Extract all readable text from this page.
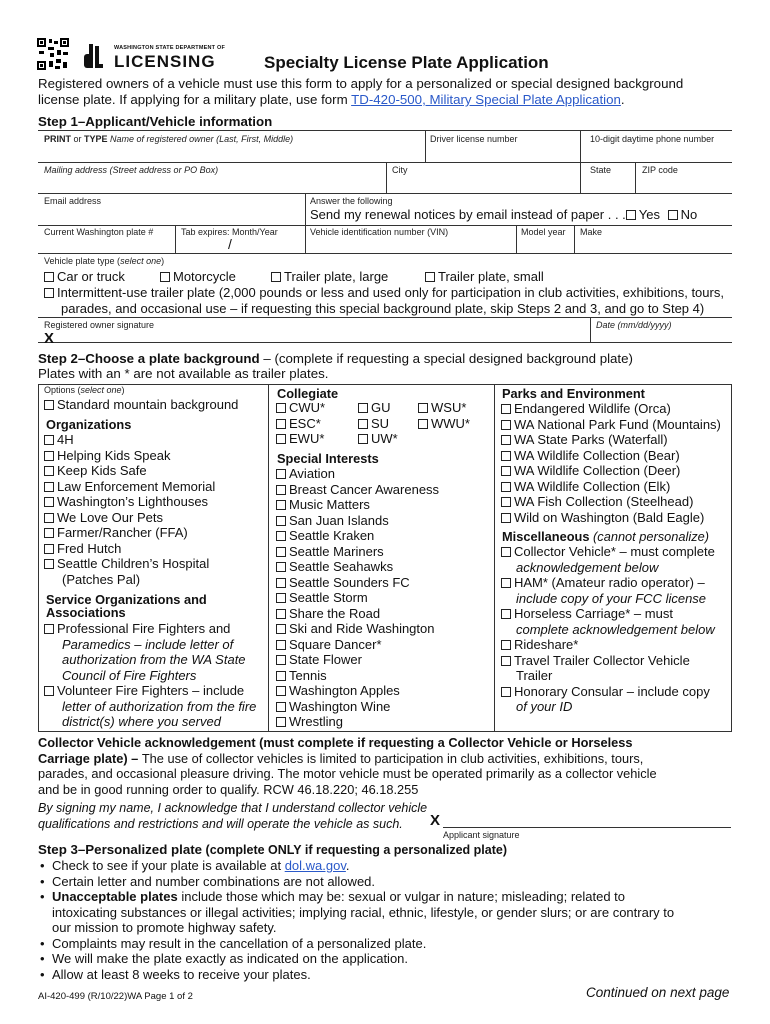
WASHINGTON STATE DEPARTMENT OF
LICENSING	Specialty License Plate Application
Registered owners of a vehicle must use this form to apply for a personalized or special designed background
license plate. If applying for a military plate, use form TD-420-500, Military Special Plate Application.
Step 1–Applicant/Vehicle information
PRINT or TYPE Name of registered owner (Last, First, Middle)	Driver license number	10-digit daytime phone number
Mailing address (Street address or PO Box)	City	State	ZIP code
Email address	Answer the following
Send my renewal notices by email instead of paper . . . Yes No
Current Washington plate #	Tab expires: Month/Year
/
Vehicle identification number (VIN)	Model year Make
Vehicle plate type (select one)
Car or truck	Motorcycle	Trailer plate, large	Trailer plate, small
Intermittent-use trailer plate (2,000 pounds or less and used only for participation in club activities, exhibitions, tours,
parades, and occasional use – if requesting this special background plate, skip Steps 2 and 3, and go to Step 4)
Registered owner signature
X
Date (mm/dd/yyyy)
Step 2–Choose a plate background – (complete if requesting a special designed background plate)
Plates with an * are not available as trailer plates.
Options (select one)
Standard mountain background
Organizations
4H
Helping Kids Speak
Keep Kids Safe
Law Enforcement Memorial
Washington’s Lighthouses
We Love Our Pets
Farmer/Rancher (FFA)
Fred Hutch
Seattle Children’s Hospital
(Patches Pal)
Service Organizations and
Associations
Professional Fire Fighters and
Paramedics – include letter of
authorization from the WA State
Council of Fire Fighters
Volunteer Fire Fighters – include
letter of authorization from the fire
district(s) where you served
Collegiate
CWU*	GU	WSU*
ESC*	SU	WWU*
EWU*	UW*
Special Interests
Aviation
Breast Cancer Awareness
Music Matters
San Juan Islands
Seattle Kraken
Seattle Mariners
Seattle Seahawks
Seattle Sounders FC
Seattle Storm
Share the Road
Ski and Ride Washington
Square Dancer*
State Flower
Tennis
Washington Apples
Washington Wine
Wrestling
Parks and Environment
Endangered Wildlife (Orca)
WA National Park Fund (Mountains)
WA State Parks (Waterfall)
WA Wildlife Collection (Bear)
WA Wildlife Collection (Deer)
WA Wildlife Collection (Elk)
WA Fish Collection (Steelhead)
Wild on Washington (Bald Eagle)
Miscellaneous (cannot personalize)
Collector Vehicle* – must complete
acknowledgement below
HAM* (Amateur radio operator) –
include copy of your FCC license
Horseless Carriage* – must
complete acknowledgement below
Rideshare*
Travel Trailer Collector Vehicle
Trailer
Honorary Consular – include copy
of your ID
Collector Vehicle acknowledgement (must complete if requesting a Collector Vehicle or Horseless
Carriage plate) – The use of collector vehicles is limited to participation in club activities, exhibitions, tours,
parades, and occasional pleasure driving. The motor vehicle must be operated primarily as a collector vehicle
and be in good running order to qualify. RCW 46.18.220; 46.18.255
By signing my name, I acknowledge that I understand collector vehicle
qualifications and restrictions and will operate the vehicle as such.	X
Applicant signature
Step 3–Personalized plate (complete ONLY if requesting a personalized plate)
• Check to see if your plate is available at dol.wa.gov.
• Certain letter and number combinations are not allowed.
• Unacceptable plates include those which may be: sexual or vulgar in nature; misleading; related to
intoxicating substances or illegal activities; implying racial, ethnic, lifestyle, or gender slurs; or are contrary to
our mission to promote highway safety.
• Complaints may result in the cancellation of a personalized plate.
• We will make the plate exactly as indicated on the application.
• Allow at least 8 weeks to receive your plates.
AI-420-499 (R/10/22)WA Page 1 of 2	Continued on next page
